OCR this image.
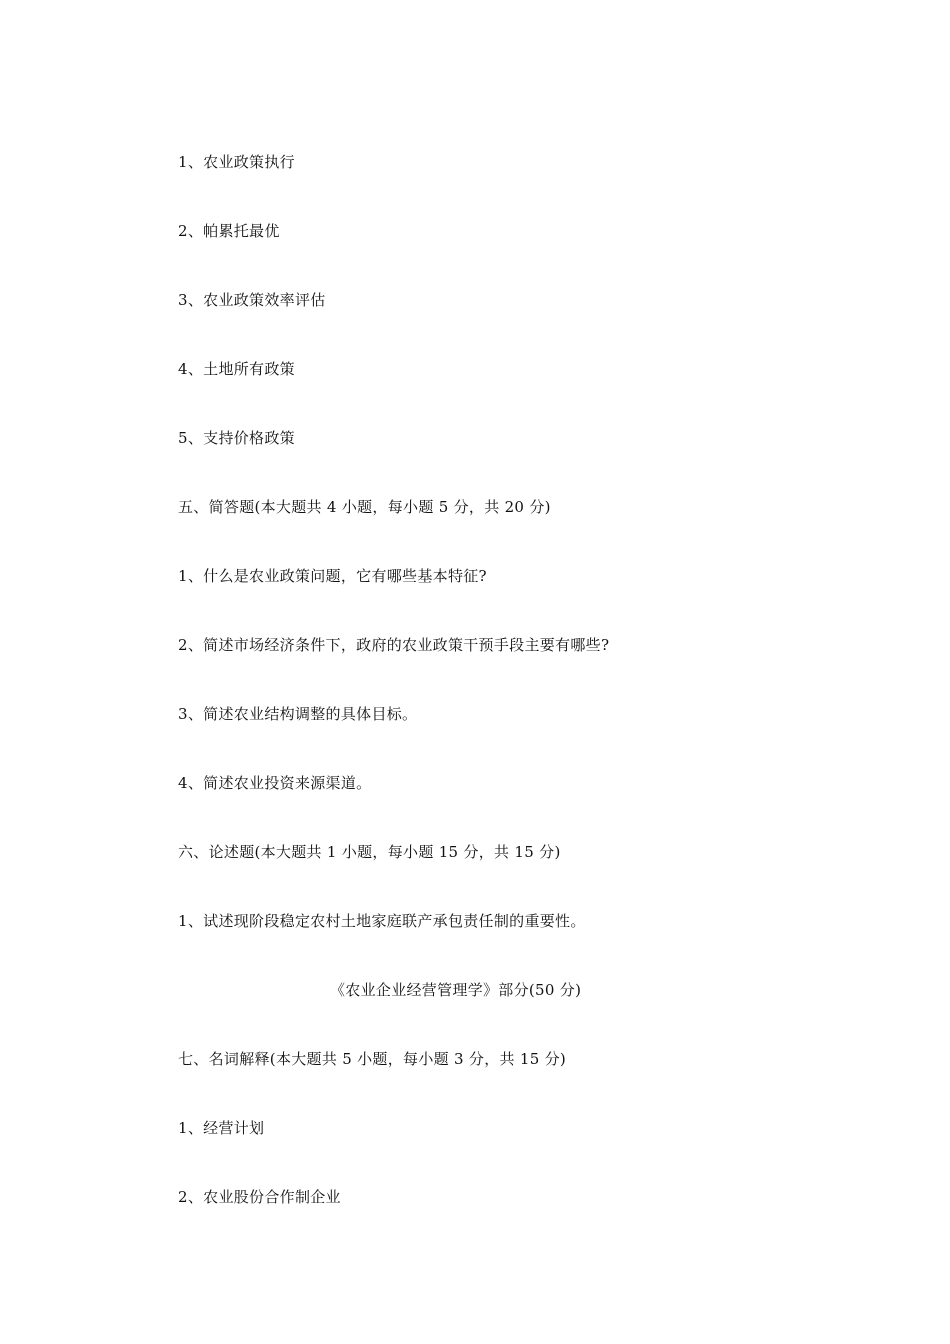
1、农业政策执行
2、帕累托最优
3、农业政策效率评估
4、土地所有政策
5、支持价格政策
五、简答题(本大题共 4 小题，每小题 5 分，共 20 分)
1、什么是农业政策问题，它有哪些基本特征?
2、简述市场经济条件下，政府的农业政策干预手段主要有哪些?
3、简述农业结构调整的具体目标。
4、简述农业投资来源渠道。
六、论述题(本大题共 1 小题，每小题 15 分，共 15 分)
1、试述现阶段稳定农村土地家庭联产承包责任制的重要性。
《农业企业经营管理学》部分(50 分)
七、名词解释(本大题共 5 小题，每小题 3 分，共 15 分)
1、经营计划
2、农业股份合作制企业
